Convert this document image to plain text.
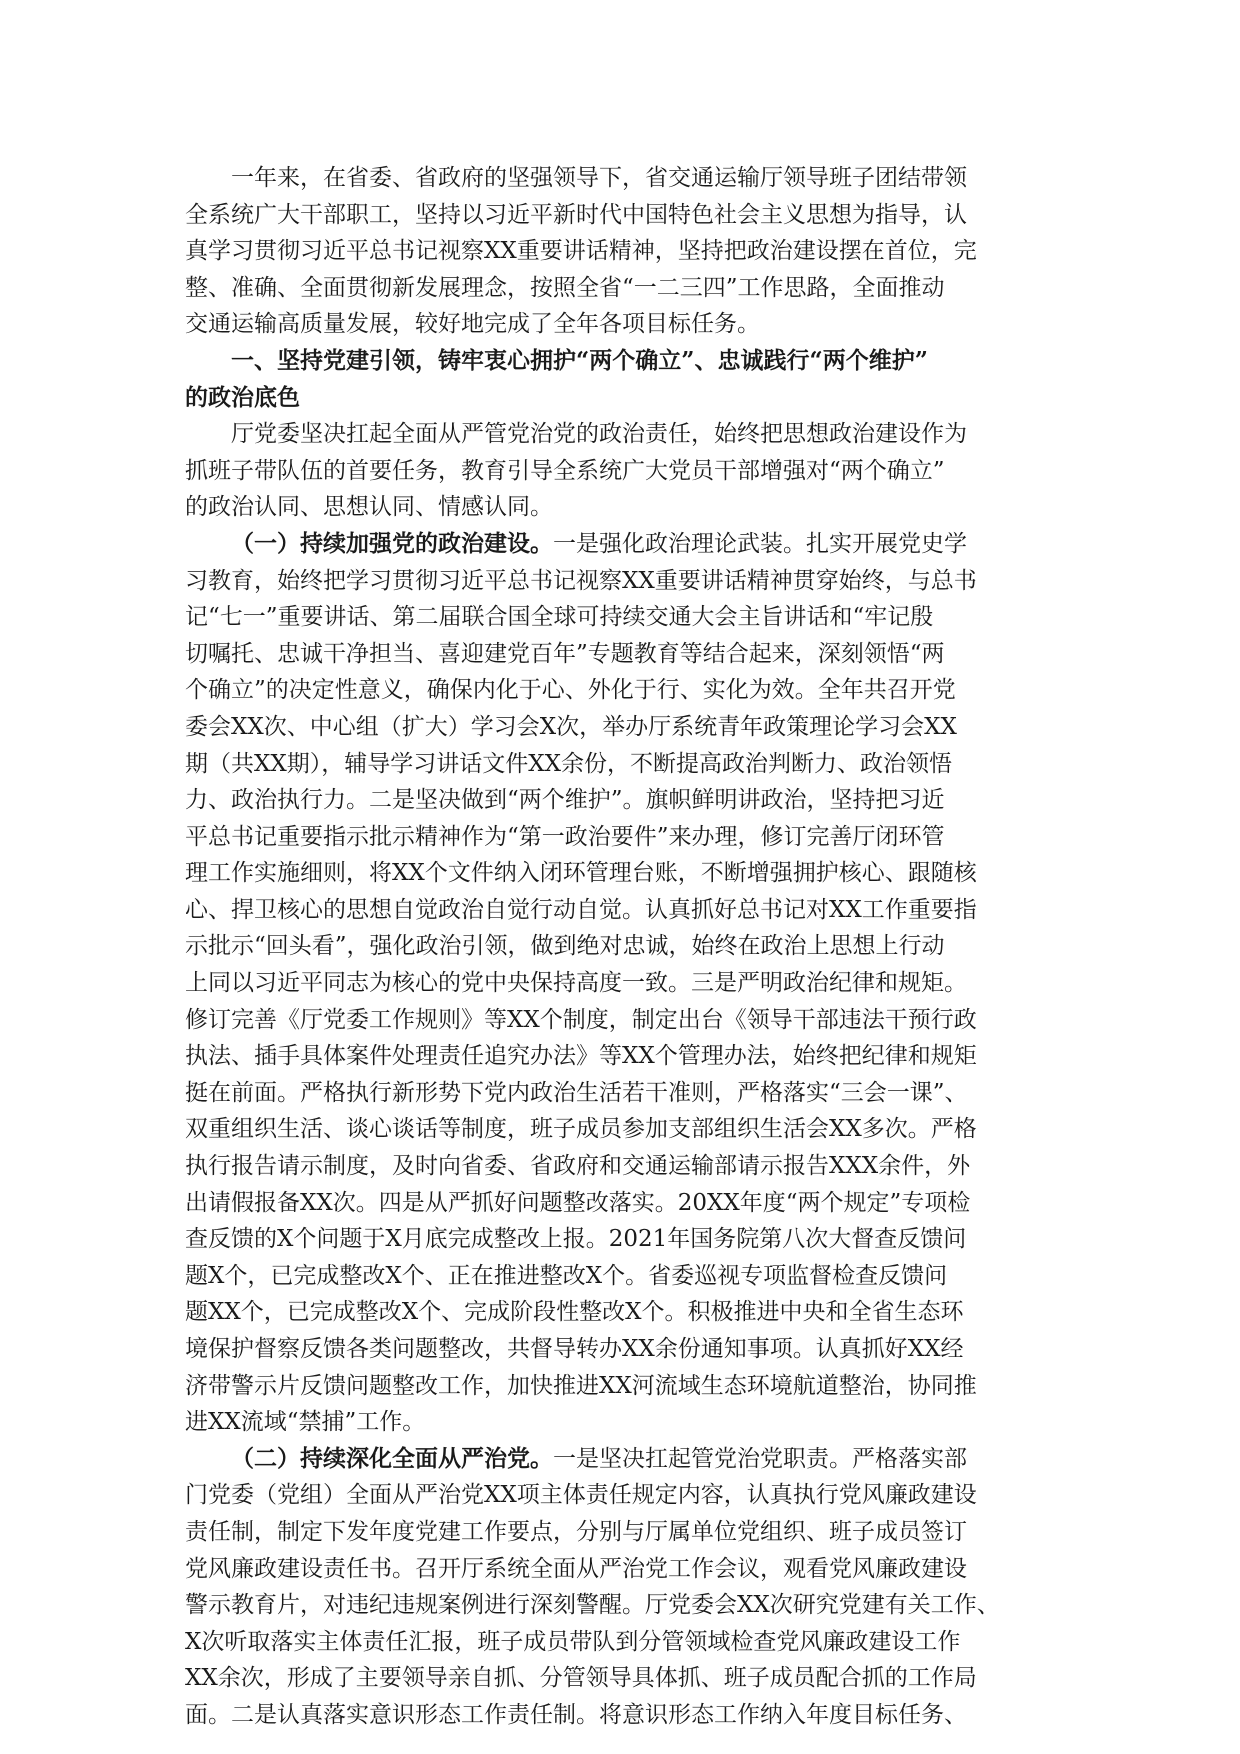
一年来，在省委、省政府的坚强领导下，省交通运输厅领导班子团结带领
全系统广大干部职工，坚持以习近平新时代中国特色社会主义思想为指导，认
真学习贯彻习近平总书记视察XX重要讲话精神，坚持把政治建设摆在首位，完
整、准确、全面贯彻新发展理念，按照全省“一二三四”工作思路，全面推动
交通运输高质量发展，较好地完成了全年各项目标任务。

一、坚持党建引领，铸牢衷心拥护“两个确立”、忠诚践行“两个维护”
的政治底色

厅党委坚决扛起全面从严管党治党的政治责任，始终把思想政治建设作为
抓班子带队伍的首要任务，教育引导全系统广大党员干部增强对“两个确立”
的政治认同、思想认同、情感认同。

（一）持续加强党的政治建设。一是强化政治理论武装。扎实开展党史学
习教育，始终把学习贯彻习近平总书记视察XX重要讲话精神贯穿始终，与总书
记“七一”重要讲话、第二届联合国全球可持续交通大会主旨讲话和“牢记殷
切嘱托、忠诚干净担当、喜迎建党百年”专题教育等结合起来，深刻领悟“两
个确立”的决定性意义，确保内化于心、外化于行、实化为效。全年共召开党
委会XX次、中心组（扩大）学习会X次，举办厅系统青年政策理论学习会XX
期（共XX期），辅导学习讲话文件XX余份，不断提高政治判断力、政治领悟
力、政治执行力。二是坚决做到“两个维护”。旗帜鲜明讲政治，坚持把习近
平总书记重要指示批示精神作为“第一政治要件”来办理，修订完善厅闭环管
理工作实施细则，将XX个文件纳入闭环管理台账，不断增强拥护核心、跟随核
心、捍卫核心的思想自觉政治自觉行动自觉。认真抓好总书记对XX工作重要指
示批示“回头看”，强化政治引领，做到绝对忠诚，始终在政治上思想上行动
上同以习近平同志为核心的党中央保持高度一致。三是严明政治纪律和规矩。
修订完善《厅党委工作规则》等XX个制度，制定出台《领导干部违法干预行政
执法、插手具体案件处理责任追究办法》等XX个管理办法，始终把纪律和规矩
挺在前面。严格执行新形势下党内政治生活若干准则，严格落实“三会一课”、
双重组织生活、谈心谈话等制度，班子成员参加支部组织生活会XX多次。严格
执行报告请示制度，及时向省委、省政府和交通运输部请示报告XXX余件，外
出请假报备XX次。四是从严抓好问题整改落实。20XX年度“两个规定”专项检
查反馈的X个问题于X月底完成整改上报。2021年国务院第八次大督查反馈问
题X个，已完成整改X个、正在推进整改X个。省委巡视专项监督检查反馈问
题XX个，已完成整改X个、完成阶段性整改X个。积极推进中央和全省生态环
境保护督察反馈各类问题整改，共督导转办XX余份通知事项。认真抓好XX经
济带警示片反馈问题整改工作，加快推进XX河流域生态环境航道整治，协同推
进XX流域“禁捕”工作。

（二）持续深化全面从严治党。一是坚决扛起管党治党职责。严格落实部
门党委（党组）全面从严治党XX项主体责任规定内容，认真执行党风廉政建设
责任制，制定下发年度党建工作要点，分别与厅属单位党组织、班子成员签订
党风廉政建设责任书。召开厅系统全面从严治党工作会议，观看党风廉政建设
警示教育片，对违纪违规案例进行深刻警醒。厅党委会XX次研究党建有关工作、
X次听取落实主体责任汇报，班子成员带队到分管领域检查党风廉政建设工作
XX余次，形成了主要领导亲自抓、分管领导具体抓、班子成员配合抓的工作局
面。二是认真落实意识形态工作责任制。将意识形态工作纳入年度目标任务、
